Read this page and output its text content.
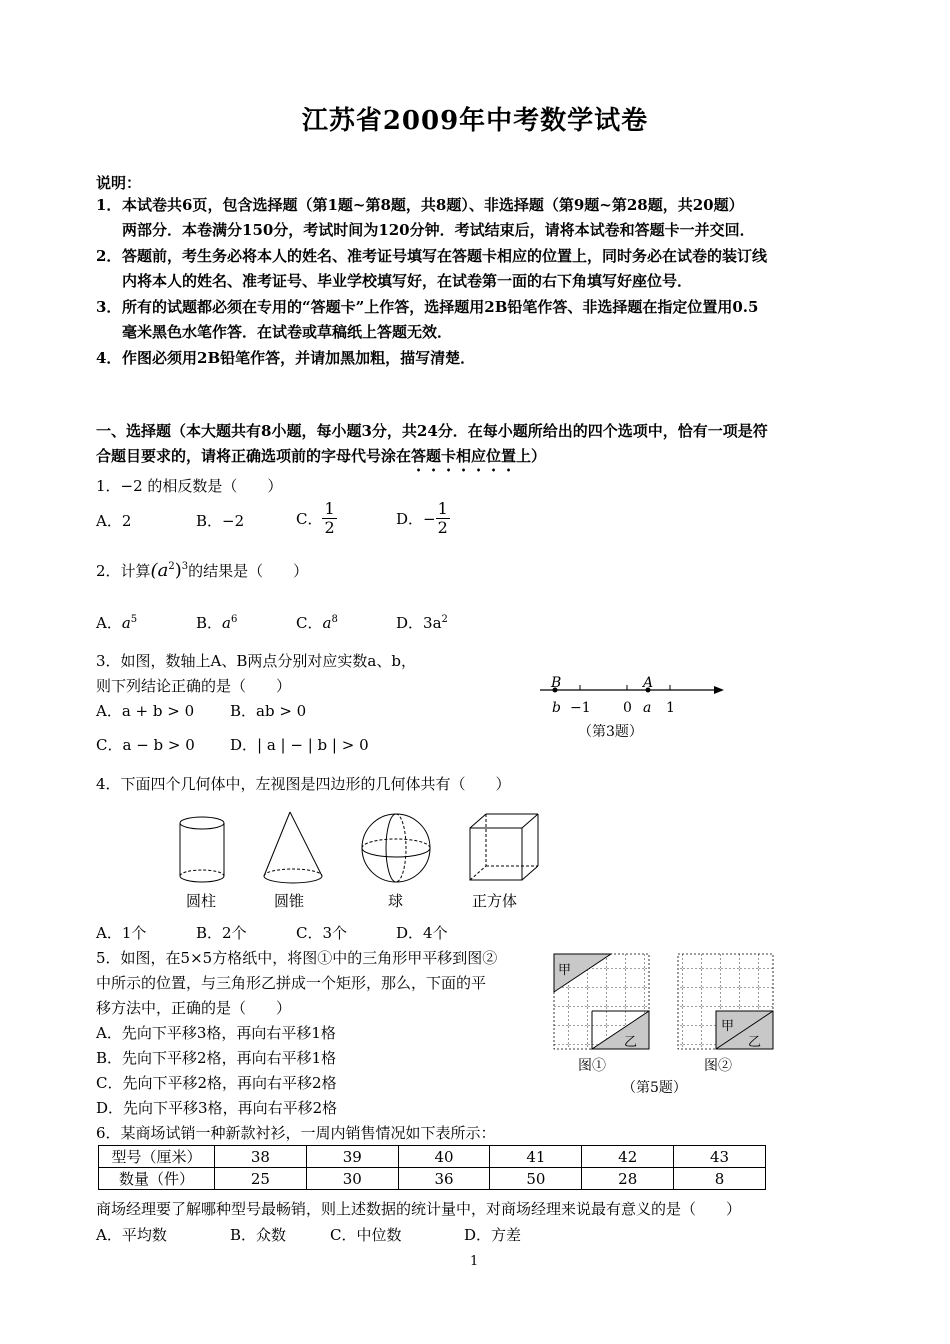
江苏省2009年中考数学试卷
说明：
1．本试卷共6页，包含选择题（第1题~第8题，共8题）、非选择题（第9题~第28题，共20题）
两部分．本卷满分150分，考试时间为120分钟．考试结束后，请将本试卷和答题卡一并交回．
2．答题前，考生务必将本人的姓名、准考证号填写在答题卡相应的位置上，同时务必在试卷的装订线
内将本人的姓名、准考证号、毕业学校填写好，在试卷第一面的右下角填写好座位号．
3．所有的试题都必须在专用的“答题卡”上作答，选择题用2B铅笔作答、非选择题在指定位置用0.5
毫米黑色水笔作答．在试卷或草稿纸上答题无效．
4．作图必须用2B铅笔作答，并请加黑加粗，描写清楚．
一、选择题（本大题共有8小题，每小题3分，共24分．在每小题所给出的四个选项中，恰有一项是符
合题目要求的，请将正确选项前的字母代号涂在答题卡相应位置上）
1．−2 的相反数是（　　）
A．2	B．−2	C． $\frac{1}{2}$	D．− $\frac{1}{2}$
2．计算$(a^2)^3$的结果是（　　）
A．$a^5$	B．$a^6$	C．$a^8$	D．$3a^2$
3．如图，数轴上A、B两点分别对应实数a、b，
则下列结论正确的是（　　）
A．a + b > 0 B．ab > 0
C．a − b > 0 D．| a | − | b | > 0
B	A
b −1 0 a 1
（第3题）
4．下面四个几何体中，左视图是四边形的几何体共有（　　）
圆柱	圆锥	球	正方体
A．1个	B．2个	C．3个	D．4个
5．如图，在5×5方格纸中，将图①中的三角形甲平移到图②
中所示的位置，与三角形乙拼成一个矩形，那么，下面的平
移方法中，正确的是（　　）
A．先向下平移3格，再向右平移1格
B．先向下平移2格，再向右平移1格
C．先向下平移2格，再向右平移2格
D．先向下平移3格，再向右平移2格
甲
乙
甲
乙
图①	图②
（第5题）
6．某商场试销一种新款衬衫，一周内销售情况如下表所示：
型号（厘米）	38	39	40	41	42	43
数量（件）	25	30	36	50	28	8
商场经理要了解哪种型号最畅销，则上述数据的统计量中，对商场经理来说最有意义的是（　　）
A．平均数	B．众数	C．中位数	D．方差
1
